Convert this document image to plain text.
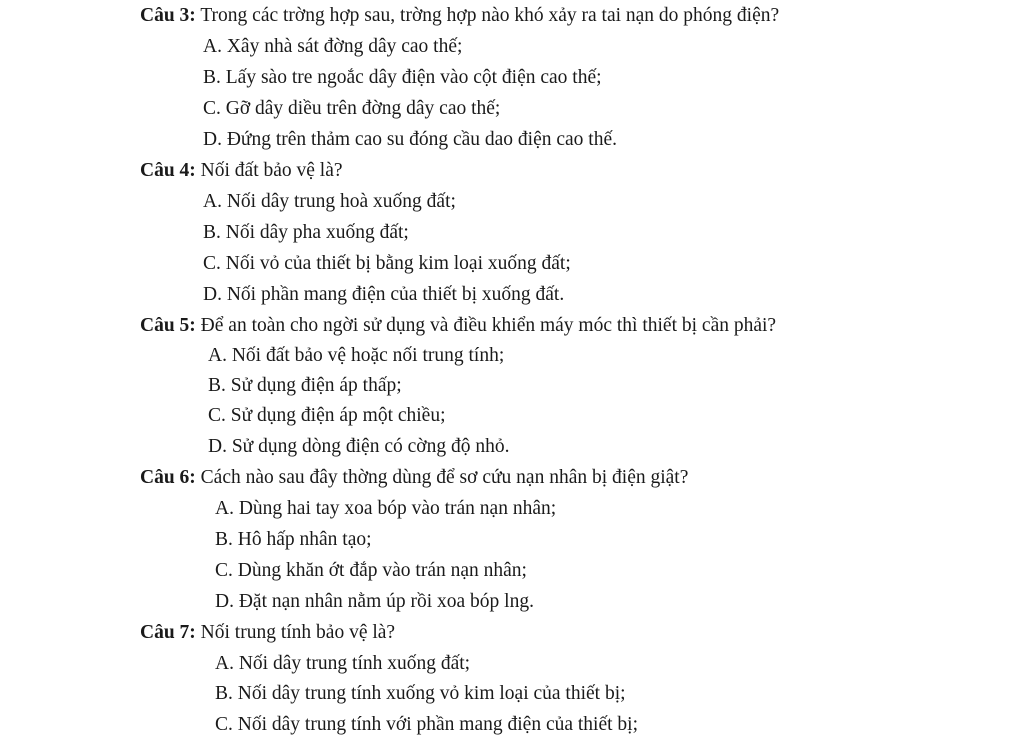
Câu 3: Trong các trờng hợp sau, trờng hợp nào khó xảy ra tai nạn do phóng điện?
A. Xây nhà sát đờng dây cao thế;
B. Lấy sào tre ngoắc dây điện vào cột điện cao thế;
C. Gỡ dây diều trên đờng dây cao thế;
D. Đứng trên thảm cao su đóng cầu dao điện cao thế.
Câu 4: Nối đất bảo vệ là?
A. Nối dây trung hoà xuống đất;
B. Nối dây pha xuống đất;
C. Nối vỏ của thiết bị bằng kim loại xuống đất;
D. Nối phần mang điện của thiết bị xuống đất.
Câu 5: Để an toàn cho ngời sử dụng và điều khiển máy móc thì thiết bị cần phải?
A. Nối đất bảo vệ hoặc nối trung tính;
B. Sử dụng điện áp thấp;
C. Sử dụng điện áp một chiều;
D. Sử dụng dòng điện có cờng độ nhỏ.
Câu 6: Cách nào sau đây thờng dùng để sơ cứu nạn nhân bị điện giật?
A. Dùng hai tay xoa bóp vào trán nạn nhân;
B. Hô hấp nhân tạo;
C. Dùng khăn ớt đắp vào trán nạn nhân;
D. Đặt nạn nhân nằm úp rồi xoa bóp lng.
Câu 7: Nối trung tính bảo vệ là?
A. Nối dây trung tính xuống đất;
B. Nối dây trung tính xuống vỏ kim loại của thiết bị;
C. Nối dây trung tính với phần mang điện của thiết bị;
